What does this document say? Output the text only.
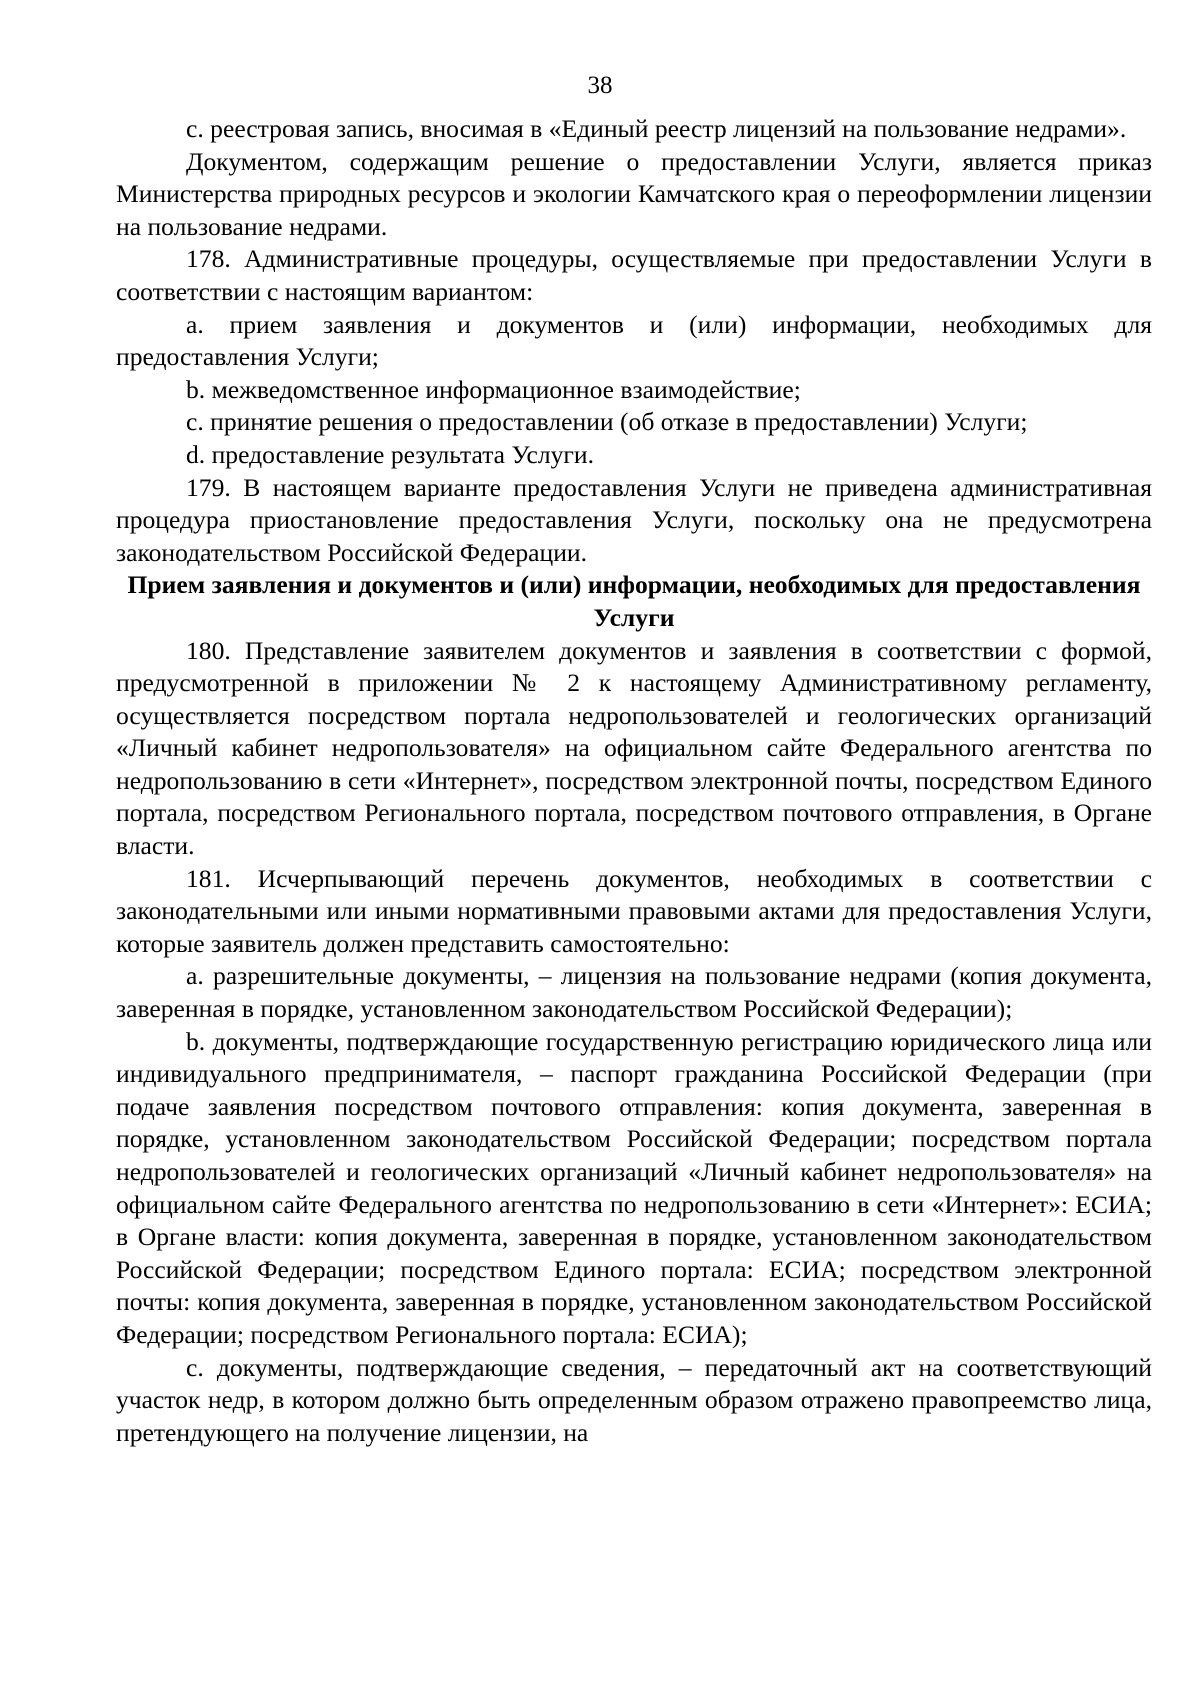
38

c. реестровая запись, вносимая в «Единый реестр лицензий на пользование недрами».

Документом, содержащим решение о предоставлении Услуги, является приказ Министерства природных ресурсов и экологии Камчатского края о переоформлении лицензии на пользование недрами.

178. Административные процедуры, осуществляемые при предоставлении Услуги в соответствии с настоящим вариантом:

a. прием заявления и документов и (или) информации, необходимых для предоставления Услуги;

b. межведомственное информационное взаимодействие;

c. принятие решения о предоставлении (об отказе в предоставлении) Услуги;

d. предоставление результата Услуги.

179. В настоящем варианте предоставления Услуги не приведена административная процедура приостановление предоставления Услуги, поскольку она не предусмотрена законодательством Российской Федерации.

Прием заявления и документов и (или) информации, необходимых для предоставления Услуги

180. Представление заявителем документов и заявления в соответствии с формой, предусмотренной в приложении № 2 к настоящему Административному регламенту, осуществляется посредством портала недропользователей и геологических организаций «Личный кабинет недропользователя» на официальном сайте Федерального агентства по недропользованию в сети «Интернет», посредством электронной почты, посредством Единого портала, посредством Регионального портала, посредством почтового отправления, в Органе власти.

181. Исчерпывающий перечень документов, необходимых в соответствии с законодательными или иными нормативными правовыми актами для предоставления Услуги, которые заявитель должен представить самостоятельно:

a. разрешительные документы, – лицензия на пользование недрами (копия документа, заверенная в порядке, установленном законодательством Российской Федерации);

b. документы, подтверждающие государственную регистрацию юридического лица или индивидуального предпринимателя, – паспорт гражданина Российской Федерации (при подаче заявления посредством почтового отправления: копия документа, заверенная в порядке, установленном законодательством Российской Федерации; посредством портала недропользователей и геологических организаций «Личный кабинет недропользователя» на официальном сайте Федерального агентства по недропользованию в сети «Интернет»: ЕСИА; в Органе власти: копия документа, заверенная в порядке, установленном законодательством Российской Федерации; посредством Единого портала: ЕСИА; посредством электронной почты: копия документа, заверенная в порядке, установленном законодательством Российской Федерации; посредством Регионального портала: ЕСИА);

c. документы, подтверждающие сведения, – передаточный акт на соответствующий участок недр, в котором должно быть определенным образом отражено правопреемство лица, претендующего на получение лицензии, на
